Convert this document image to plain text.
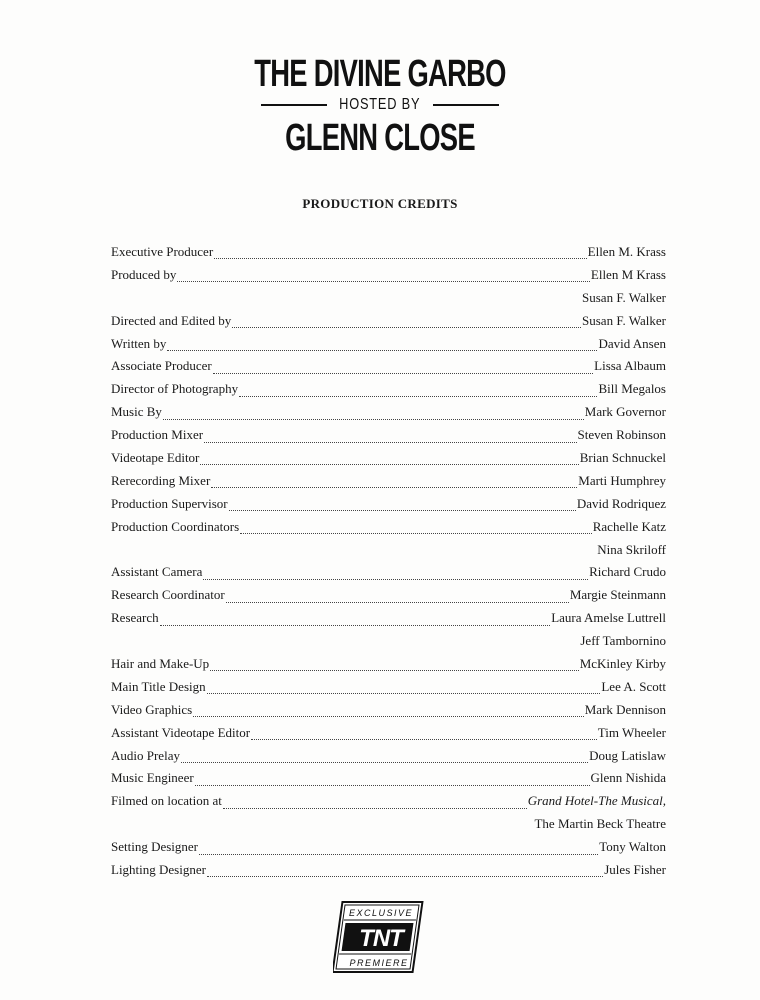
THE DIVINE GARBO
HOSTED BY
GLENN CLOSE
PRODUCTION CREDITS
Executive Producer	Ellen M. Krass
Produced by	Ellen M Krass
Susan F. Walker
Directed and Edited by	Susan F. Walker
Written by	David Ansen
Associate Producer	Lissa Albaum
Director of Photography	Bill Megalos
Music By	Mark Governor
Production Mixer	Steven Robinson
Videotape Editor	Brian Schnuckel
Rerecording Mixer	Marti Humphrey
Production Supervisor	David Rodriquez
Production Coordinators	Rachelle Katz
Nina Skriloff
Assistant Camera	Richard Crudo
Research Coordinator	Margie Steinmann
Research	Laura Amelse Luttrell
Jeff Tambornino
Hair and Make-Up	McKinley Kirby
Main Title Design	Lee A. Scott
Video Graphics	Mark Dennison
Assistant Videotape Editor	Tim Wheeler
Audio Prelay	Doug Latislaw
Music Engineer	Glenn Nishida
Filmed on location at	Grand Hotel-The Musical,
The Martin Beck Theatre
Setting Designer	Tony Walton
Lighting Designer	Jules Fisher
EXCLUSIVE
TNT
PREMIERE
